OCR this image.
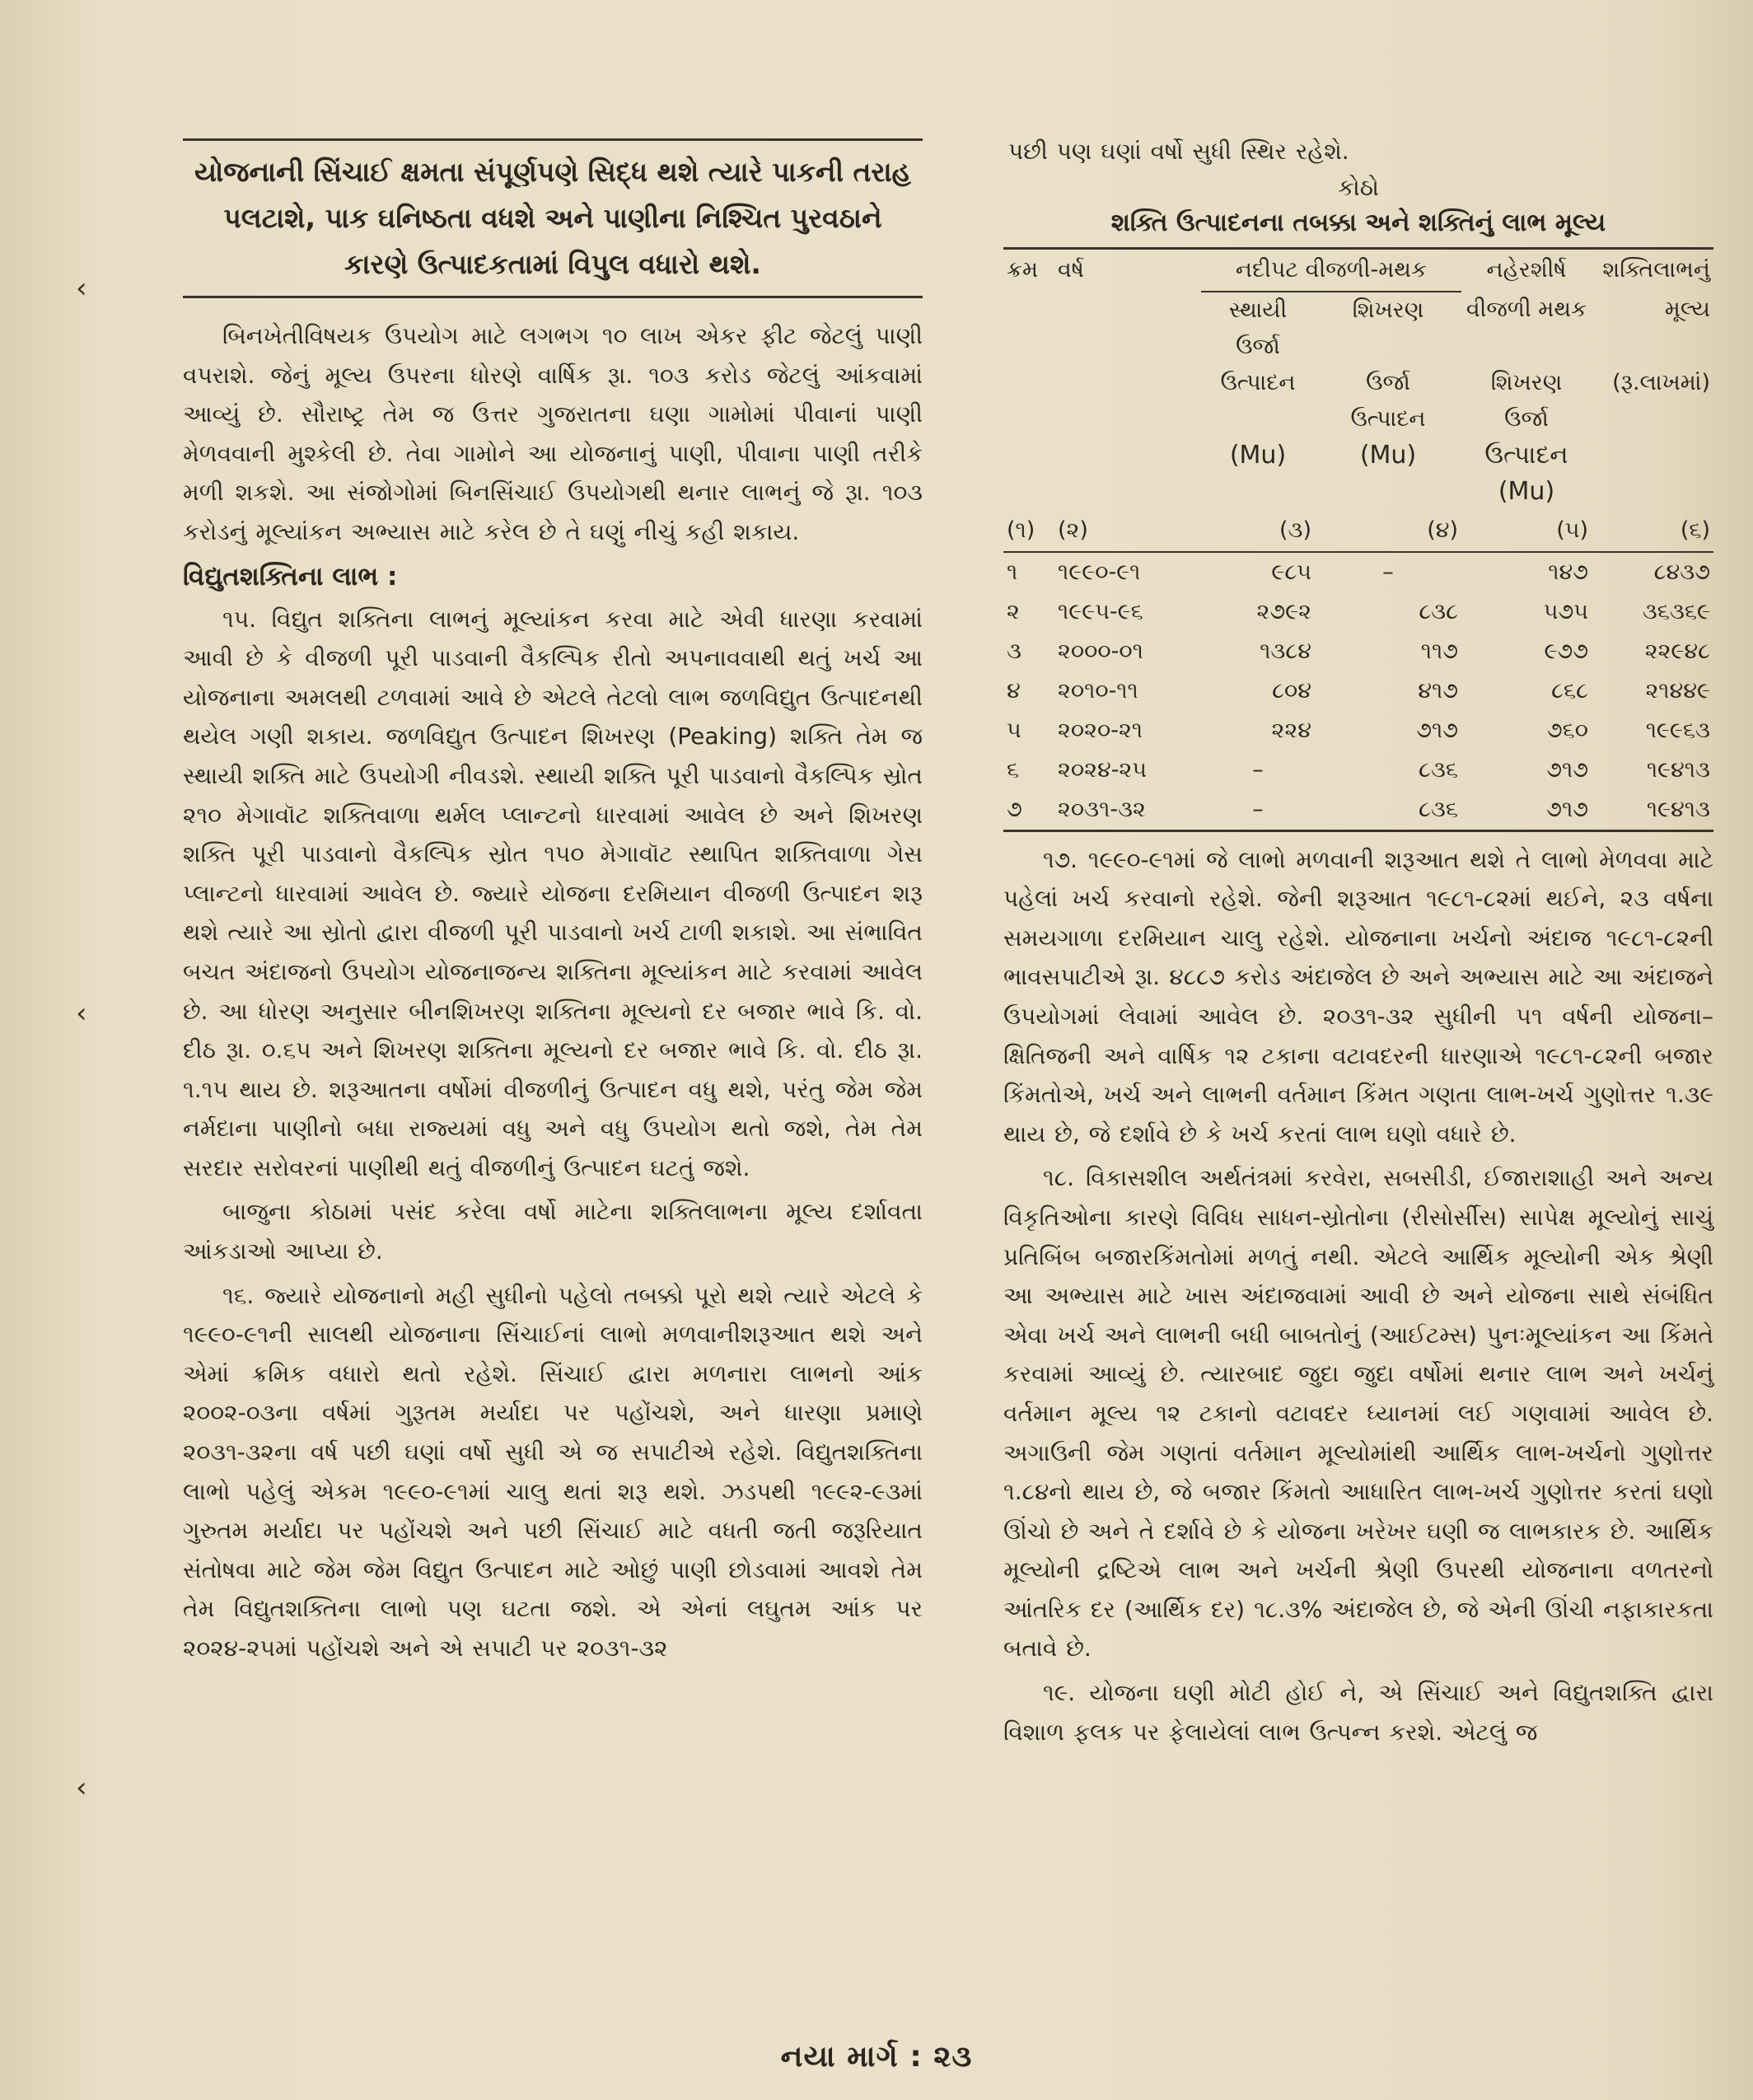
‹
‹
‹
યોજનાની સિંચાઈ ક્ષમતા સંપૂર્ણપણે સિદ્ધ થશે ત્યારે પાકની તરાહ પલટાશે, પાક ઘનિષ્ઠતા વધશે અને પાણીના નિશ્ચિત પુરવઠાને કારણે ઉત્પાદકતામાં વિપુલ વધારો થશે.

બિનખેતીવિષયક ઉપયોગ માટે લગભગ ૧૦ લાખ એકર ફીટ જેટલું પાણી વપરાશે. જેનું મૂલ્ય ઉપરના ધોરણે વાર્ષિક રૂા. ૧૦૩ કરોડ જેટલું આંકવામાં આવ્યું છે. સૌરાષ્ટ્ર તેમ જ ઉત્તર ગુજરાતના ઘણા ગામોમાં પીવાનાં પાણી મેળવવાની મુશ્કેલી છે. તેવા ગામોને આ યોજનાનું પાણી, પીવાના પાણી તરીકે મળી શકશે. આ સંજોગોમાં બિનસિંચાઈ ઉપયોગથી થનાર લાભનું જે રૂા. ૧૦૩ કરોડનું મૂલ્યાંકન અભ્યાસ માટે કરેલ છે તે ઘણું નીચું કહી શકાય.

વિદ્યુતશક્તિના લાભ :

૧૫. વિદ્યુત શક્તિના લાભનું મૂલ્યાંકન કરવા માટે એવી ધારણા કરવામાં આવી છે કે વીજળી પૂરી પાડવાની વૈકલ્પિક રીતો અપનાવવાથી થતું ખર્ચ આ યોજનાના અમલથી ટળવામાં આવે છે એટલે તેટલો લાભ જળવિદ્યુત ઉત્પાદનથી થયેલ ગણી શકાય. જળવિદ્યુત ઉત્પાદન શિખરણ (Peaking) શક્તિ તેમ જ સ્થાયી શક્તિ માટે ઉપયોગી નીવડશે. સ્થાયી શક્તિ પૂરી પાડવાનો વૈકલ્પિક સ્રોત ૨૧૦ મેગાવૉટ શક્તિવાળા થર્મલ પ્લાન્ટનો ધારવામાં આવેલ છે અને શિખરણ શક્તિ પૂરી પાડવાનો વૈકલ્પિક સ્રોત ૧૫૦ મેગાવૉટ સ્થાપિત શક્તિવાળા ગેસ પ્લાન્ટનો ધારવામાં આવેલ છે. જ્યારે યોજના દરમિયાન વીજળી ઉત્પાદન શરૂ થશે ત્યારે આ સ્રોતો દ્વારા વીજળી પૂરી પાડવાનો ખર્ચ ટાળી શકાશે. આ સંભાવિત બચત અંદાજનો ઉપયોગ યોજનાજન્ય શક્તિના મૂલ્યાંકન માટે કરવામાં આવેલ છે. આ ધોરણ અનુસાર બીનશિખરણ શક્તિના મૂલ્યનો દર બજાર ભાવે કિ. વો. દીઠ રૂા. ૦.૬૫ અને શિખરણ શક્તિના મૂલ્યનો દર બજાર ભાવે કિ. વો. દીઠ રૂા. ૧.૧૫ થાય છે. શરૂઆતના વર્ષોમાં વીજળીનું ઉત્પાદન વધુ થશે, પરંતુ જેમ જેમ નર્મદાના પાણીનો બધા રાજ્યમાં વધુ અને વધુ ઉપયોગ થતો જશે, તેમ તેમ સરદાર સરોવરનાં પાણીથી થતું વીજળીનું ઉત્પાદન ઘટતું જશે.

બાજુના કોઠામાં પસંદ કરેલા વર્ષો માટેના શક્તિલાભના મૂલ્ય દર્શાવતા આંકડાઓ આપ્યા છે.

૧૬. જ્યારે યોજનાનો મહી સુધીનો પહેલો તબક્કો પૂરો થશે ત્યારે એટલે કે ૧૯૯૦-૯૧ની સાલથી યોજનાના સિંચાઈનાં લાભો મળવાનીશરૂઆત થશે અને એમાં ક્રમિક વધારો થતો રહેશે. સિંચાઈ દ્વારા મળનારા લાભનો આંક ૨૦૦૨-૦૩ના વર્ષમાં ગુરૂતમ મર્યાદા પર પહોંચશે, અને ધારણા પ્રમાણે ૨૦૩૧-૩૨ના વર્ષ પછી ઘણાં વર્ષો સુધી એ જ સપાટીએ રહેશે. વિદ્યુતશક્તિના લાભો પહેલું એકમ ૧૯૯૦-૯૧માં ચાલુ થતાં શરૂ થશે. ઝડપથી ૧૯૯૨-૯૩માં ગુરુતમ મર્યાદા પર પહોંચશે અને પછી સિંચાઈ માટે વધતી જતી જરૂરિયાત સંતોષવા માટે જેમ જેમ વિદ્યુત ઉત્પાદન માટે ઓછું પાણી છોડવામાં આવશે તેમ તેમ વિદ્યુતશક્તિના લાભો પણ ઘટતા જશે. એ એનાં લઘુતમ આંક પર ૨૦૨૪-૨૫માં પહોંચશે અને એ સપાટી પર ૨૦૩૧-૩૨

પછી પણ ઘણાં વર્ષો સુધી સ્થિર રહેશે.

કોઠો
શક્તિ ઉત્પાદનના તબક્કા અને શક્તિનું લાભ મૂલ્ય
ક્રમ	વર્ષ	નદીપટ વીજળી-મથક		નહેરશીર્ષ	શક્તિલાભનું
		સ્થાયી ઉર્જા	શિખરણ	વીજળી મથક	મૂલ્ય
		ઉત્પાદન	ઉર્જા	શિખરણ	(રૂ.લાખમાં)
			ઉત્પાદન	ઉર્જા	
		(Mu)	(Mu)	ઉત્પાદન (Mu)	
(૧)	(૨)	(૩)	(૪)	(૫)	(૬)

૧	૧૯૯૦-૯૧	૯૮૫	–	૧૪૭	૮૪૩૭
૨	૧૯૯૫-૯૬	૨૭૯૨	૮૩૮	૫૭૫	૩૬૩૬૯
૩	૨૦૦૦-૦૧	૧૩૮૪	૧૧૭	૯૭૭	૨૨૯૪૮
૪	૨૦૧૦-૧૧	૮૦૪	૪૧૭	૮૬૮	૨૧૪૪૯
૫	૨૦૨૦-૨૧	૨૨૪	૭૧૭	૭૬૦	૧૯૯૬૩
૬	૨૦૨૪-૨૫	–	૮૩૬	૭૧૭	૧૯૪૧૩
૭	૨૦૩૧-૩૨	–	૮૩૬	૭૧૭	૧૯૪૧૩

૧૭. ૧૯૯૦-૯૧માં જે લાભો મળવાની શરૂઆત થશે તે લાભો મેળવવા માટે પહેલાં ખર્ચ કરવાનો રહેશે. જેની શરૂઆત ૧૯૮૧-૮૨માં થઈને, ૨૩ વર્ષના સમયગાળા દરમિયાન ચાલુ રહેશે. યોજનાના ખર્ચનો અંદાજ ૧૯૮૧-૮૨ની ભાવસપાટીએ રૂા. ૪૮૮૭ કરોડ અંદાજેલ છે અને અભ્યાસ માટે આ અંદાજને ઉપયોગમાં લેવામાં આવેલ છે. ૨૦૩૧-૩૨ સુધીની ૫૧ વર્ષની યોજના–ક્ષિતિજની અને વાર્ષિક ૧૨ ટકાના વટાવદરની ધારણાએ ૧૯૮૧-૮૨ની બજાર કિંમતોએ, ખર્ચ અને લાભની વર્તમાન કિંમત ગણતા લાભ-ખર્ચ ગુણોત્તર ૧.૩૯ થાય છે, જે દર્શાવે છે કે ખર્ચ કરતાં લાભ ઘણો વધારે છે.

૧૮. વિકાસશીલ અર્થતંત્રમાં કરવેરા, સબસીડી, ઈજારાશાહી અને અન્ય વિકૃતિઓના કારણે વિવિધ સાધન-સ્રોતોના (રીસોર્સીસ) સાપેક્ષ મૂલ્યોનું સાચું પ્રતિબિંબ બજારકિંમતોમાં મળતું નથી. એટલે આર્થિક મૂલ્યોની એક શ્રેણી આ અભ્યાસ માટે ખાસ અંદાજવામાં આવી છે અને યોજના સાથે સંબંધિત એવા ખર્ચ અને લાભની બધી બાબતોનું (આઈટમ્સ) પુનઃમૂલ્યાંકન આ કિંમતે કરવામાં આવ્યું છે. ત્યારબાદ જુદા જુદા વર્ષોમાં થનાર લાભ અને ખર્ચનું વર્તમાન મૂલ્ય ૧૨ ટકાનો વટાવદર ધ્યાનમાં લઈ ગણવામાં આવેલ છે. અગાઉની જેમ ગણતાં વર્તમાન મૂલ્યોમાંથી આર્થિક લાભ-ખર્ચનો ગુણોત્તર ૧.૮૪નો થાય છે, જે બજાર કિંમતો આધારિત લાભ-ખર્ચ ગુણોત્તર કરતાં ઘણો ઊંચો છે અને તે દર્શાવે છે કે યોજના ખરેખર ઘણી જ લાભકારક છે. આર્થિક મૂલ્યોની દ્રષ્ટિએ લાભ અને ખર્ચની શ્રેણી ઉપરથી યોજનાના વળતરનો આંતરિક દર (આર્થિક દર) ૧૮.૩% અંદાજેલ છે, જે એની ઊંચી નફાકારકતા બતાવે છે.

૧૯. યોજના ઘણી મોટી હોઈ ને, એ સિંચાઈ અને વિદ્યુતશક્તિ દ્વારા વિશાળ ફલક પર ફેલાયેલાં લાભ ઉત્પન્ન કરશે. એટલું જ

નયા માર્ગ : ૨૩
